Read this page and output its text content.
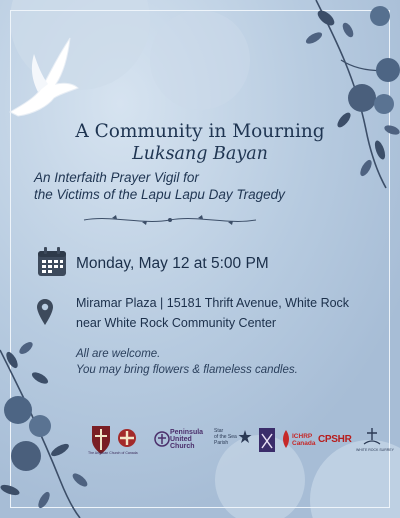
A Community in Mourning
Luksang Bayan
An Interfaith Prayer Vigil for
the Victims of the Lapu Lapu Day Tragedy
Monday, May 12 at 5:00 PM
Miramar Plaza | 15181 Thrift Avenue, White Rock
near White Rock Community Center
All are welcome.
You may bring flowers & flameless candles.
The Anglican Church of Canada
Peninsula
United
Church
Star
of the Sea
Parish
ICHRP
Canada CPSHR
WHITE ROCK SURREY
